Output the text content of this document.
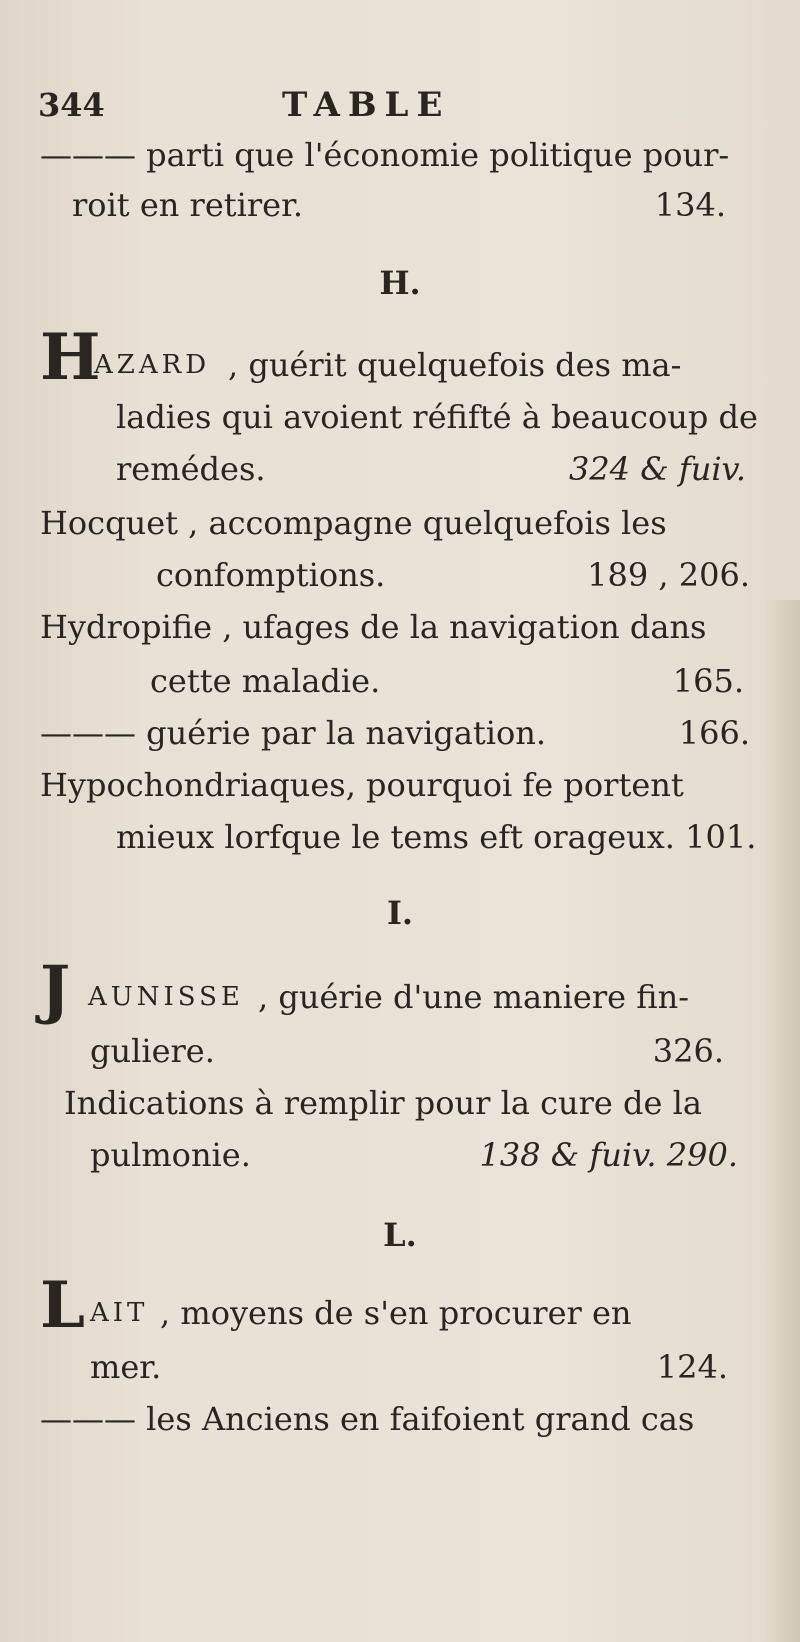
344	TABLE
——— parti que l'économie politique pour-
roit en retirer.	134.
H.
H
AZARD , guérit quelquefois des ma-
ladies qui avoient réfifté à beaucoup de
remédes.	324 & fuiv.
Hocquet , accompagne quelquefois les
confomptions.	189 , 206.
Hydropifie , ufages de la navigation dans
cette maladie.	165.
——— guérie par la navigation.	166.
Hypochondriaques, pourquoi fe portent
mieux lorfque le tems eft orageux. 101.
I.
J AUNISSE , guérie d'une maniere fin-
guliere.	326.
Indications à remplir pour la cure de la
pulmonie.	138 & fuiv. 290.
L.
L AIT , moyens de s'en procurer en
mer.	124.
——— les Anciens en faifoient grand cas
